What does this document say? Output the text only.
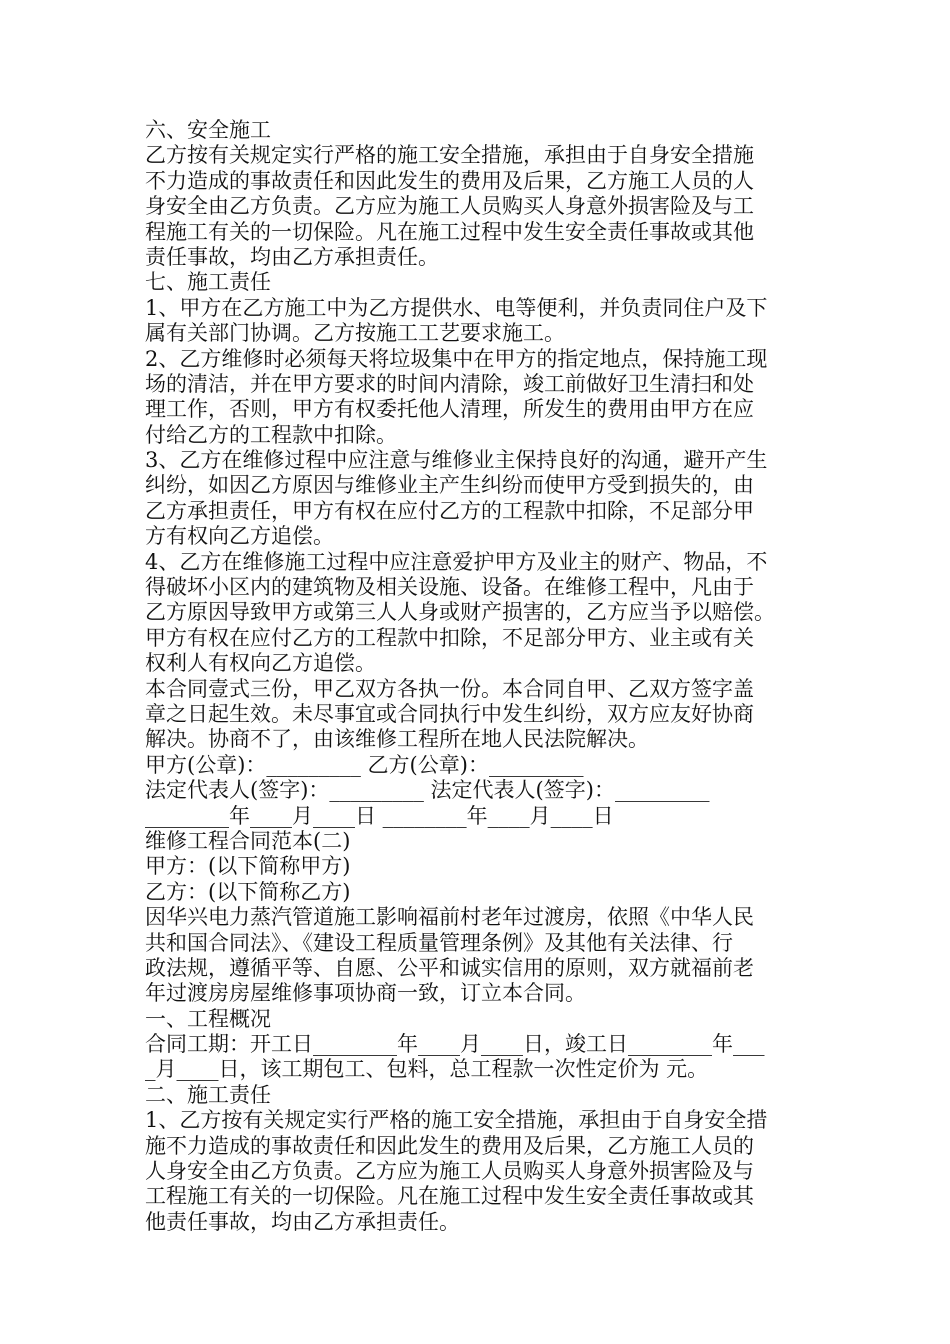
六、安全施工
乙方按有关规定实行严格的施工安全措施，承担由于自身安全措施
不力造成的事故责任和因此发生的费用及后果，乙方施工人员的人
身安全由乙方负责。乙方应为施工人员购买人身意外损害险及与工
程施工有关的一切保险。凡在施工过程中发生安全责任事故或其他
责任事故，均由乙方承担责任。
七、施工责任
1、甲方在乙方施工中为乙方提供水、电等便利，并负责同住户及下
属有关部门协调。乙方按施工工艺要求施工。
2、乙方维修时必须每天将垃圾集中在甲方的指定地点，保持施工现
场的清洁，并在甲方要求的时间内清除，竣工前做好卫生清扫和处
理工作，否则，甲方有权委托他人清理，所发生的费用由甲方在应
付给乙方的工程款中扣除。
3、乙方在维修过程中应注意与维修业主保持良好的沟通，避开产生
纠纷，如因乙方原因与维修业主产生纠纷而使甲方受到损失的，由
乙方承担责任，甲方有权在应付乙方的工程款中扣除，不足部分甲
方有权向乙方追偿。
4、乙方在维修施工过程中应注意爱护甲方及业主的财产、物品，不
得破坏小区内的建筑物及相关设施、设备。在维修工程中，凡由于
乙方原因导致甲方或第三人人身或财产损害的，乙方应当予以赔偿。
甲方有权在应付乙方的工程款中扣除，不足部分甲方、业主或有关
权利人有权向乙方追偿。
本合同壹式三份，甲乙双方各执一份。本合同自甲、乙双方签字盖
章之日起生效。未尽事宜或合同执行中发生纠纷，双方应友好协商
解决。协商不了，由该维修工程所在地人民法院解决。
甲方(公章)：_________ 乙方(公章)：_________
法定代表人(签字)：_________ 法定代表人(签字)：_________
________年____月____日 ________年____月____日
维修工程合同范本(二)
甲方：(以下简称甲方)
乙方：(以下简称乙方)
因华兴电力蒸汽管道施工影响福前村老年过渡房，依照《中华人民
共和国合同法》、《建设工程质量管理条例》及其他有关法律、行
政法规，遵循平等、自愿、公平和诚实信用的原则，双方就福前老
年过渡房房屋维修事项协商一致，订立本合同。
一、工程概况
合同工期：开工日________年____月____日，竣工日________年___
_月____日，该工期包工、包料，总工程款一次性定价为 元。
二、施工责任
1、乙方按有关规定实行严格的施工安全措施，承担由于自身安全措
施不力造成的事故责任和因此发生的费用及后果，乙方施工人员的
人身安全由乙方负责。乙方应为施工人员购买人身意外损害险及与
工程施工有关的一切保险。凡在施工过程中发生安全责任事故或其
他责任事故，均由乙方承担责任。
